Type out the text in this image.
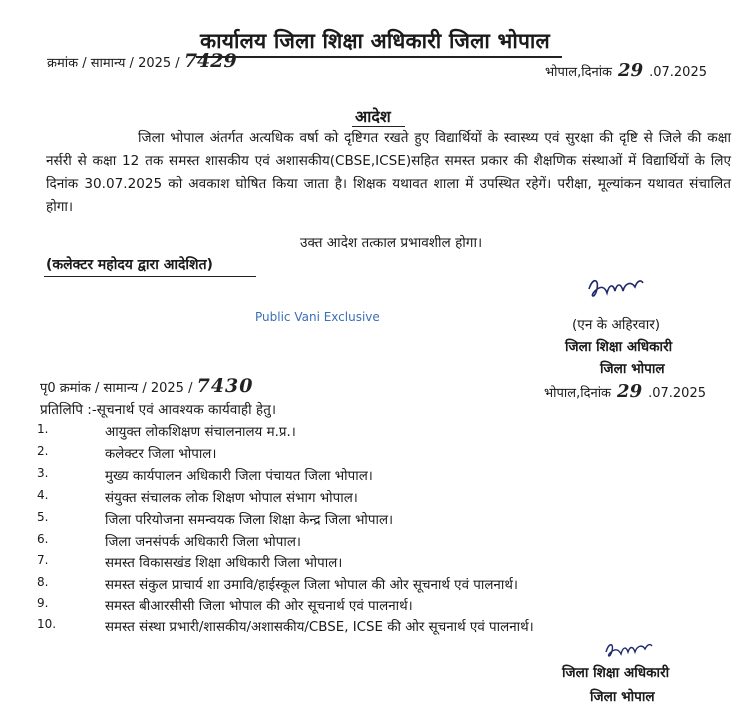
कार्यालय जिला शिक्षा अधिकारी जिला भोपाल
क्रमांक / सामान्य / 2025 / 7429
भोपाल,दिनांक 29 .07.2025
आदेश
जिला भोपाल अंतर्गत अत्यधिक वर्षा को दृष्टिगत रखते हुए विद्यार्थियों के स्वास्थ्य एवं सुरक्षा की दृष्टि से जिले की कक्षा नर्सरी से कक्षा 12 तक समस्त शासकीय एवं अशासकीय(CBSE,ICSE)सहित समस्त प्रकार की शैक्षणिक संस्थाओं में विद्यार्थियों के लिए दिनांक 30.07.2025 को अवकाश घोषित किया जाता है। शिक्षक यथावत शाला में उपस्थित रहेगें। परीक्षा, मूल्यांकन यथावत संचालित होगा।
उक्त आदेश तत्काल प्रभावशील होगा।
(कलेक्टर महोदय द्वारा आदेशित)
Public Vani Exclusive	(एन के अहिरवार)
जिला शिक्षा अधिकारी
जिला भोपाल
भोपाल,दिनांक 29 .07.2025
पृ0 क्रमांक / सामान्य / 2025 / 7430
प्रतिलिपि :-सूचनार्थ एवं आवश्यक कार्यवाही हेतु।
1.	आयुक्त लोकशिक्षण संचालनालय म.प्र.।
2.	कलेक्टर जिला भोपाल।
3.	मुख्य कार्यपालन अधिकारी जिला पंचायत जिला भोपाल।
4.	संयुक्त संचालक लोक शिक्षण भोपाल संभाग भोपाल।
5.	जिला परियोजना समन्वयक जिला शिक्षा केन्द्र जिला भोपाल।
6.	जिला जनसंपर्क अधिकारी जिला भोपाल।
7.	समस्त विकासखंड शिक्षा अधिकारी जिला भोपाल।
8.	समस्त संकुल प्राचार्य शा उमावि/हाईस्कूल जिला भोपाल की ओर सूचनार्थ एवं पालनार्थ।
9.	समस्त बीआरसीसी जिला भोपाल की ओर सूचनार्थ एवं पालनार्थ।
10.	समस्त संस्था प्रभारी/शासकीय/अशासकीय/CBSE, ICSE की ओर सूचनार्थ एवं पालनार्थ।
जिला शिक्षा अधिकारी
जिला भोपाल
